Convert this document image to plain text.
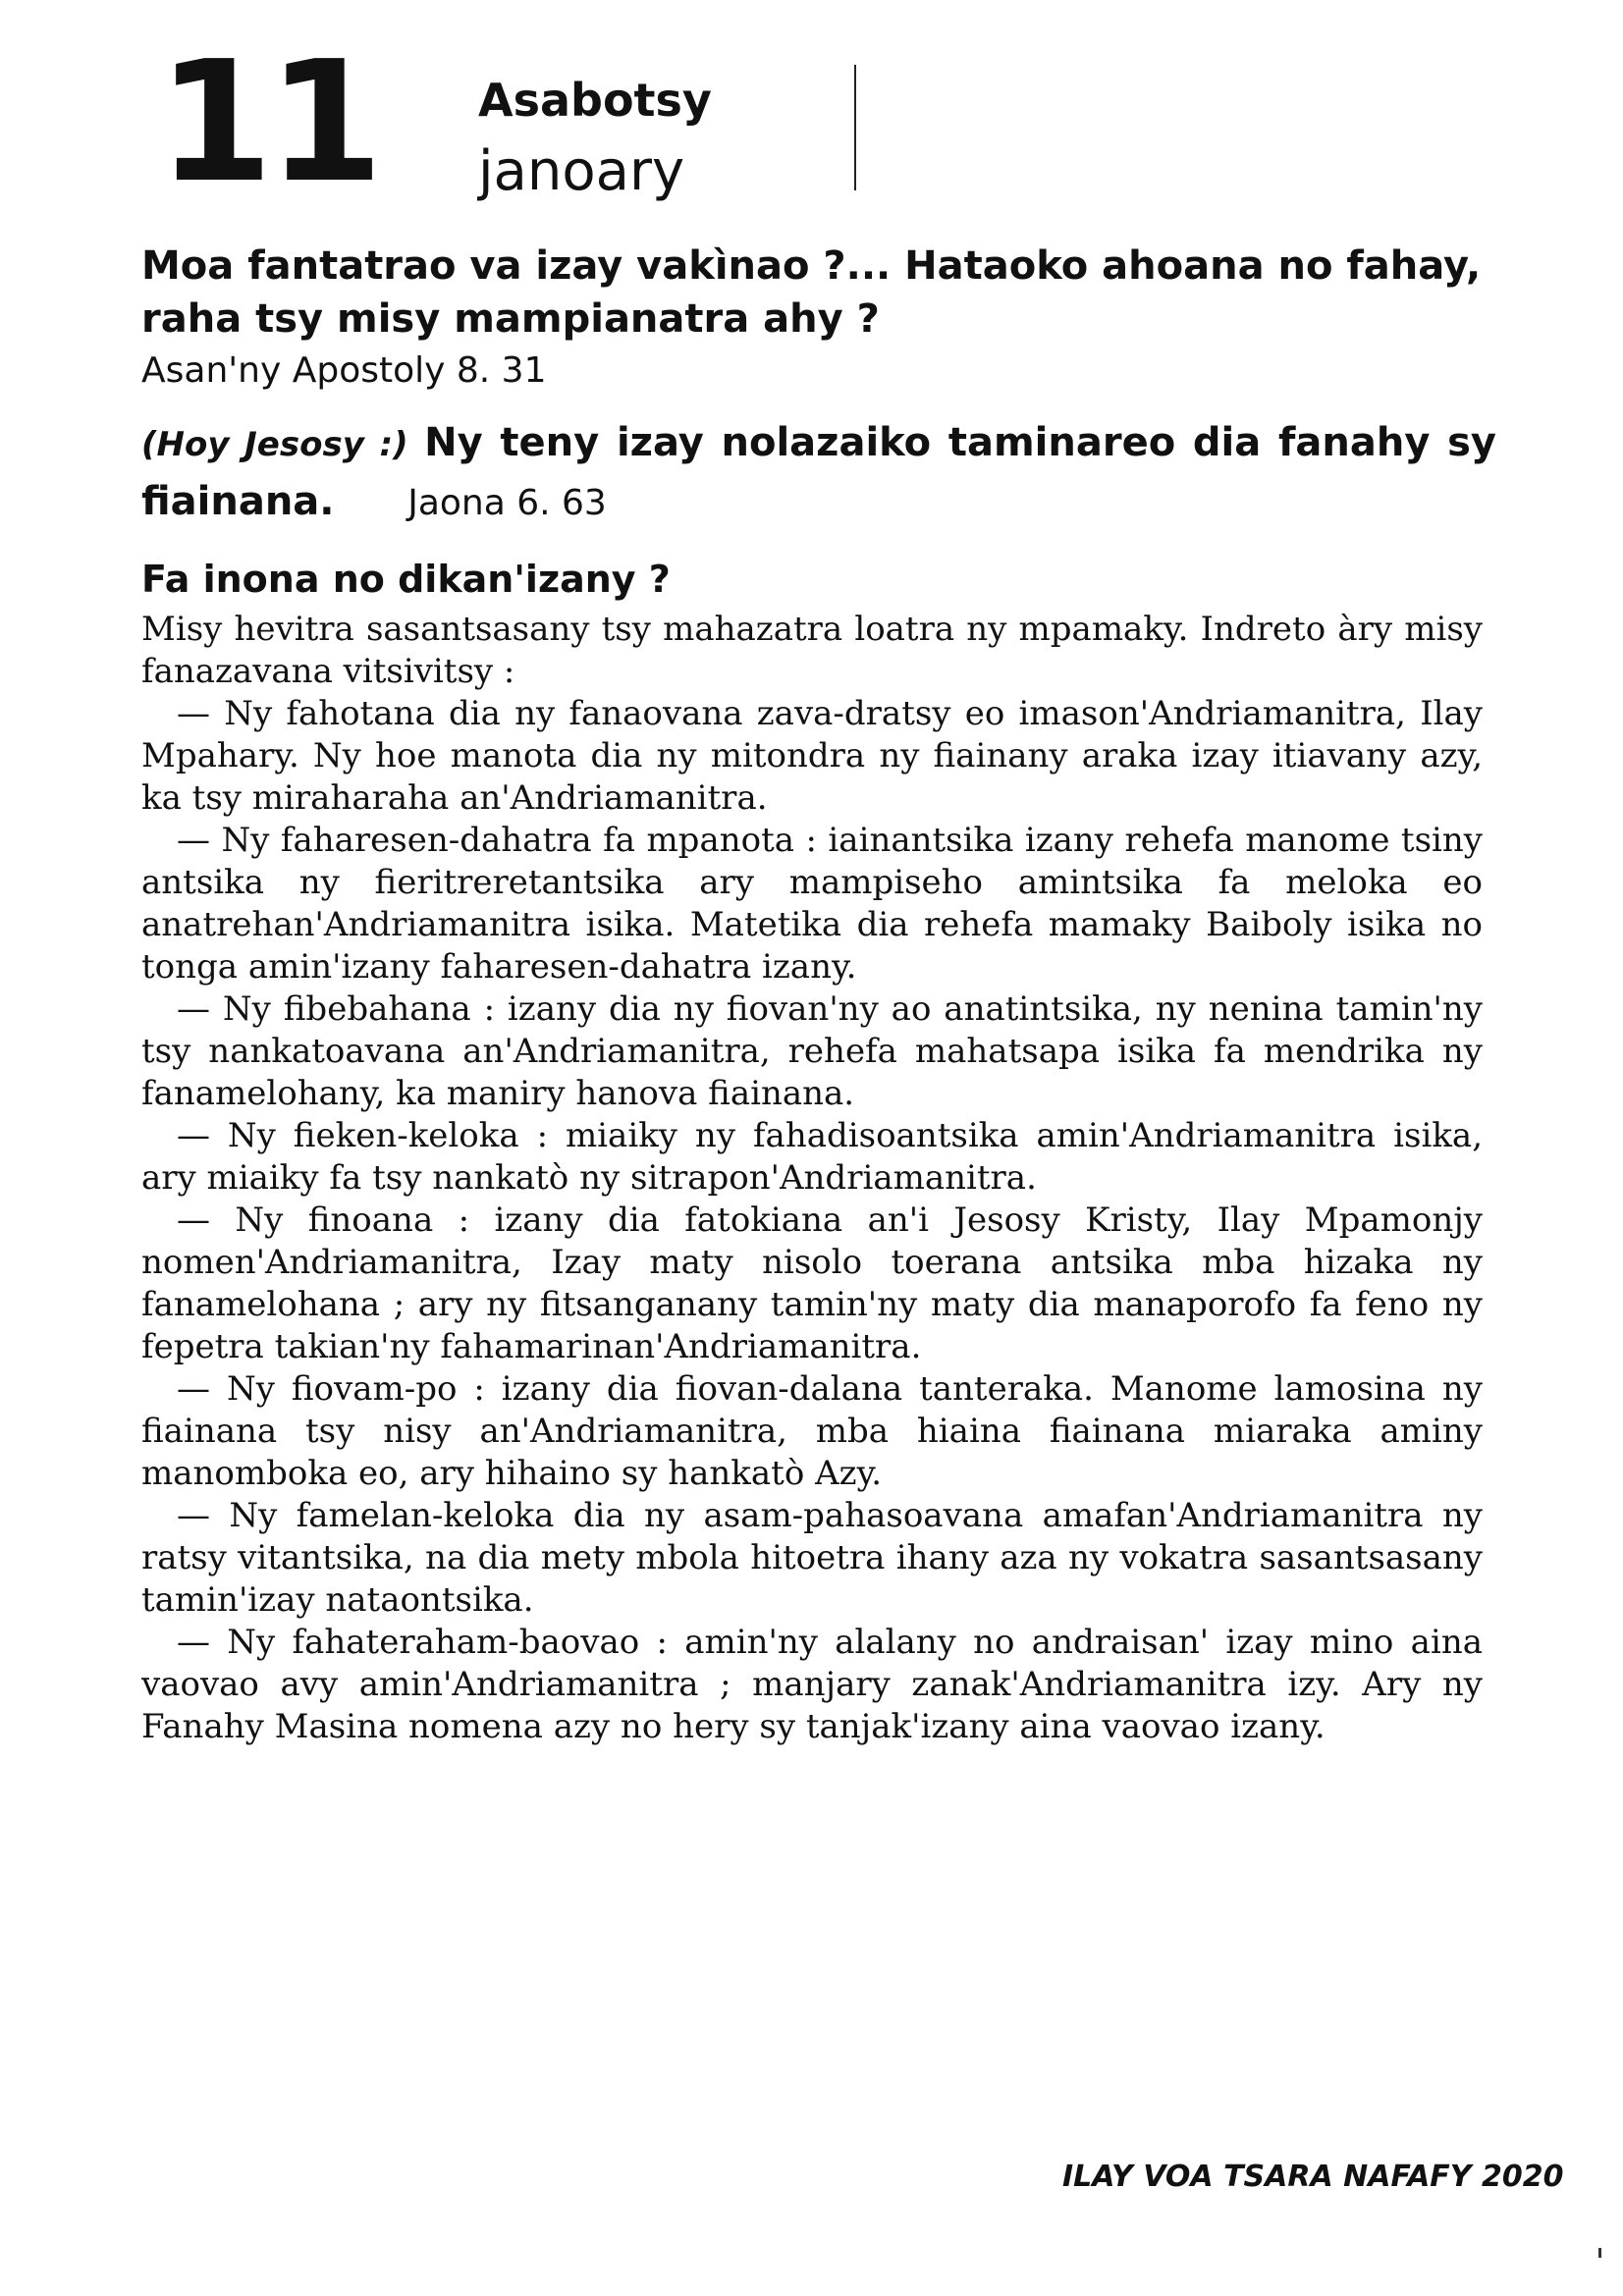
11 Asabotsy
janoary
Moa fantatrao va izay vakìnao ?... Hataoko ahoana no fahay, raha tsy misy mampianatra ahy ?
Asan'ny Apostoly 8. 31
(Hoy Jesosy :) Ny teny izay nolazaiko taminareo dia fanahy sy fiainana. Jaona 6. 63
Fa inona no dikan'izany ?

Misy hevitra sasantsasany tsy mahazatra loatra ny mpamaky. Indreto àry misy fanazavana vitsivitsy :

— Ny fahotana dia ny fanaovana zava-dratsy eo imason'Andriamanitra, Ilay Mpahary. Ny hoe manota dia ny mitondra ny fiainany araka izay itiavany azy, ka tsy miraharaha an'Andriamanitra.

— Ny faharesen-dahatra fa mpanota : iainantsika izany rehefa manome tsiny antsika ny fieritreretantsika ary mampiseho amintsika fa meloka eo anatrehan'Andriamanitra isika. Matetika dia rehefa mamaky Baiboly isika no tonga amin'izany faharesen-dahatra izany.

— Ny fibebahana : izany dia ny fiovan'ny ao anatintsika, ny nenina tamin'ny tsy nankatoavana an'Andriamanitra, rehefa mahatsapa isika fa mendrika ny fanamelohany, ka maniry hanova fiainana.

— Ny fieken-keloka : miaiky ny fahadisoantsika amin'Andriamanitra isika, ary miaiky fa tsy nankatò ny sitrapon'Andriamanitra.

— Ny finoana : izany dia fatokiana an'i Jesosy Kristy, Ilay Mpamonjy nomen'Andriamanitra, Izay maty nisolo toerana antsika mba hizaka ny fanamelohana ; ary ny fitsanganany tamin'ny maty dia manaporofo fa feno ny fepetra takian'ny fahamarinan'Andriamanitra.

— Ny fiovam-po : izany dia fiovan-dalana tanteraka. Manome lamosina ny fiainana tsy nisy an'Andriamanitra, mba hiaina fiainana miaraka aminy manomboka eo, ary hihaino sy hankatò Azy.

— Ny famelan-keloka dia ny asam-pahasoavana amafan'Andriamanitra ny ratsy vitantsika, na dia mety mbola hitoetra ihany aza ny vokatra sasantsasany tamin'izay nataontsika.

— Ny fahateraham-baovao : amin'ny alalany no andraisan' izay mino aina vaovao avy amin'Andriamanitra ; manjary zanak'Andriamanitra izy. Ary ny Fanahy Masina nomena azy no hery sy tanjak'izany aina vaovao izany.

ILAY VOA TSARA NAFAFY 2020
